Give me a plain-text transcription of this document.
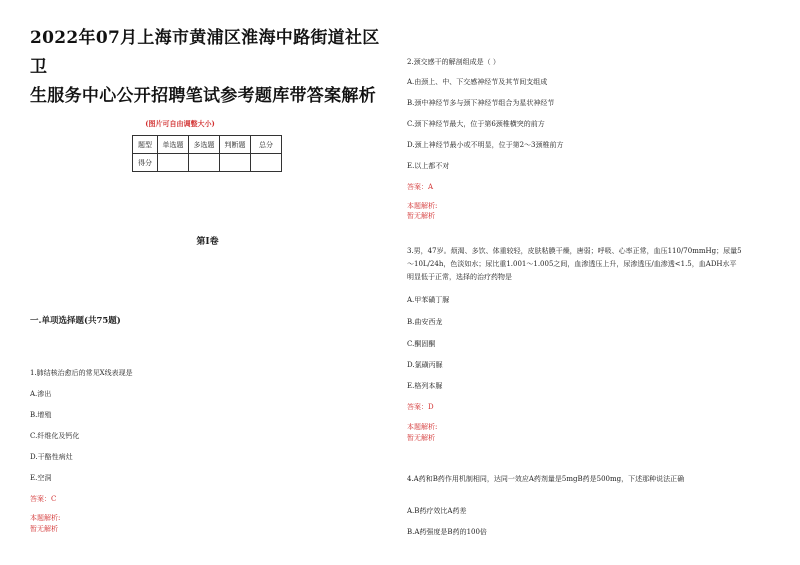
2022年07月上海市黄浦区淮海中路街道社区卫
生服务中心公开招聘笔试参考题库带答案解析

(图片可自由调整大小)
题型	单选题	多选题	判断题	总分
得分				
第I卷
一.单项选择题(共75题)
1.肺结核治愈后的常见X线表现是
A.渗出
B.增殖
C.纤维化及钙化
D.干酪性病灶
E.空洞
答案：C
本题解析:
暂无解析
2.颈交感干的解剖组成是（ ）
A.由颈上、中、下交感神经节及其节间支组成
B.颈中神经节多与颈下神经节组合为星状神经节
C.颈下神经节最大，位于第6颈椎横突的前方
D.颈上神经节最小或不明显，位于第2～3颈椎前方
E.以上都不对
答案：A
本题解析:
暂无解析
3.男，47岁。烦渴、多饮、体重较轻，皮肤粘膜干燥，唐弱；呼吸、心率正常，血压110/70mmHg；尿量5
～10L/24h，色淡如水；尿比重1.001～1.005之间，血渗透压上升，尿渗透压/血渗透<1.5，血ADH水平
明显低于正常，选择的治疗药物是
A.甲苯磺丁脲
B.曲安西龙
C.酮固酮
D.氯磺丙脲
E.格列本脲
答案：D
本题解析:
暂无解析
4.A药和B药作用机制相同，达同一效应A药剂量是5mgB药是500mg，下述那种说法正确
A.B药疗效比A药差
B.A药强度是B药的100倍
